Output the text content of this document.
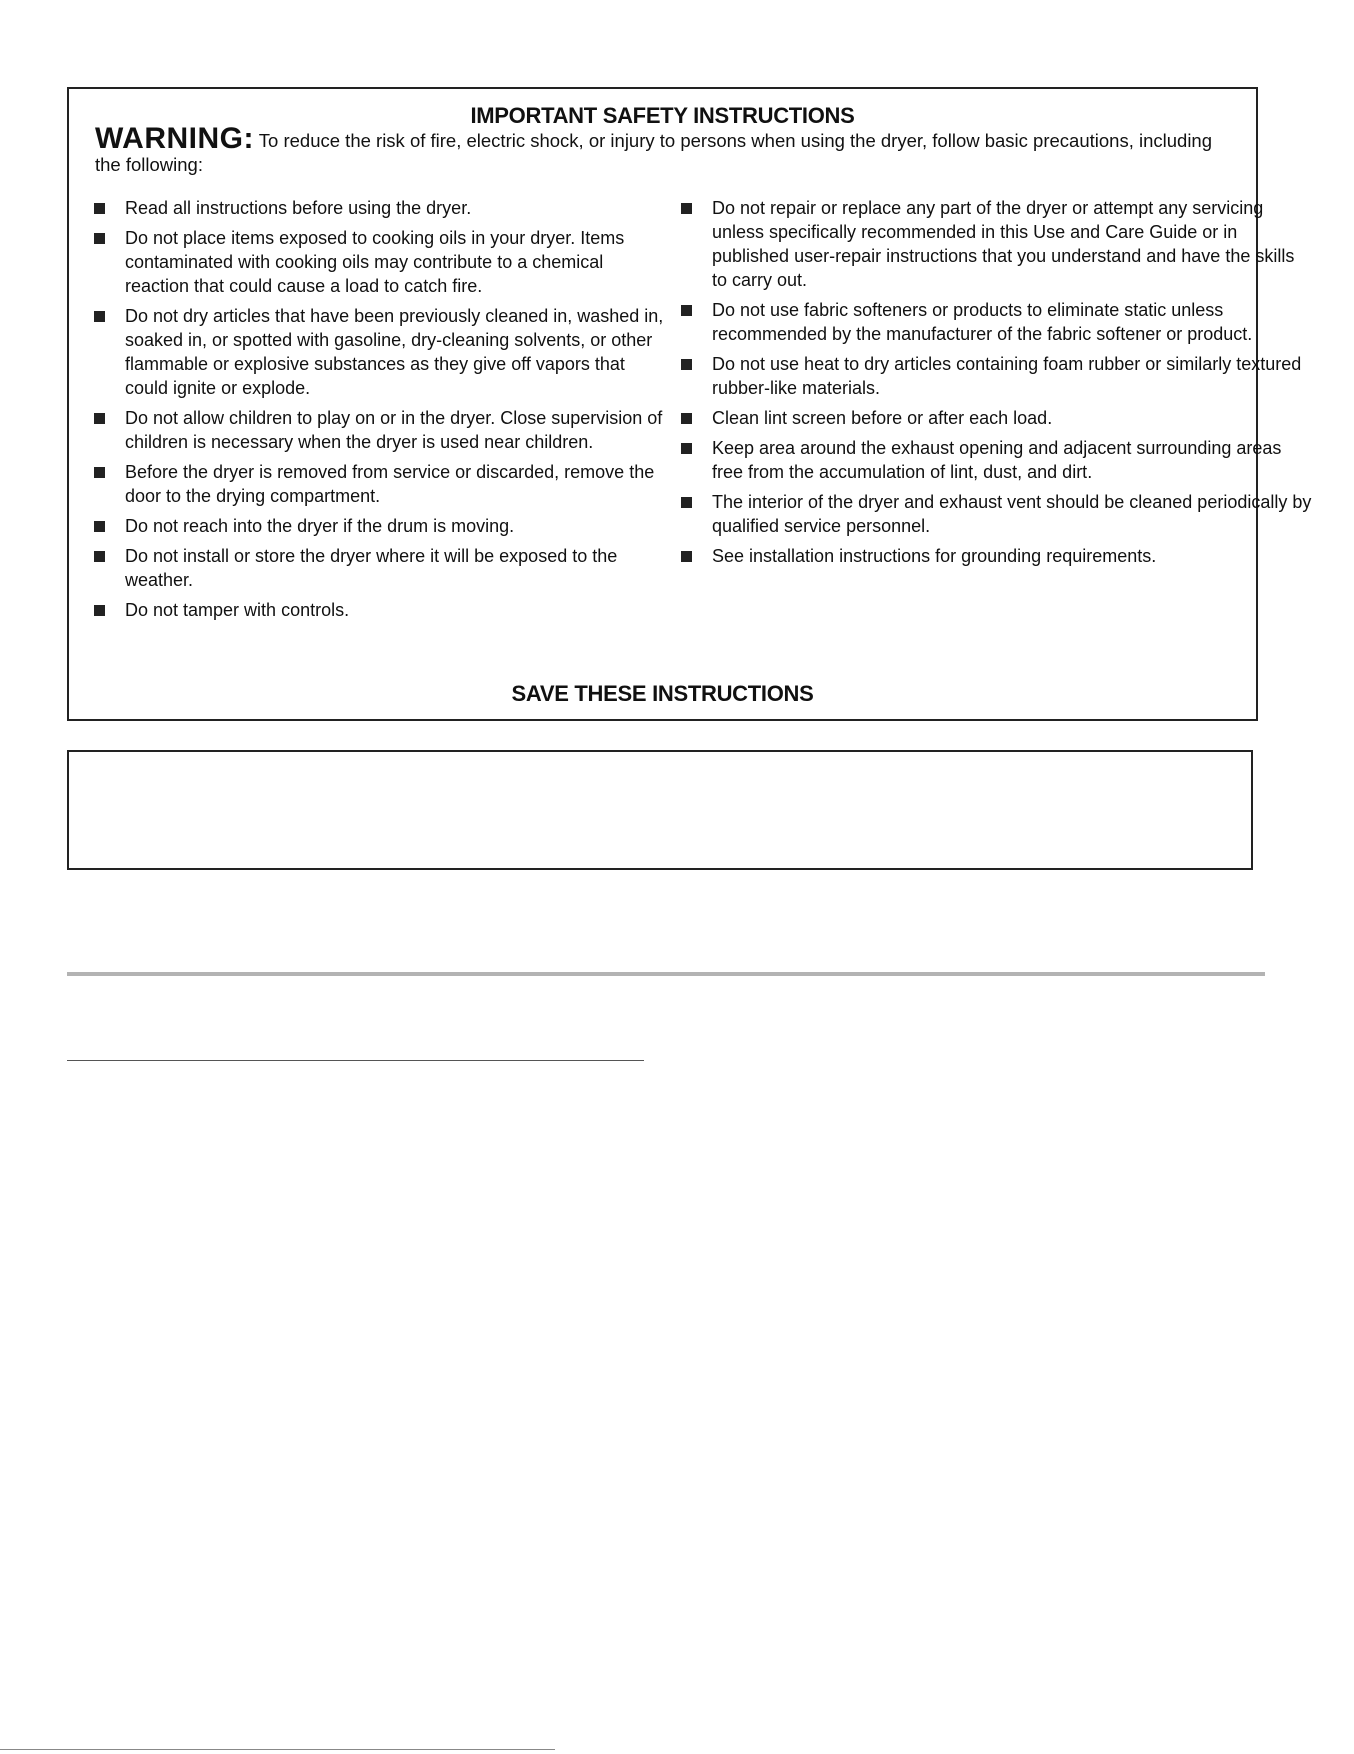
IMPORTANT SAFETY INSTRUCTIONS
WARNING: To reduce the risk of fire, electric shock, or injury to persons when using the dryer, follow basic precautions, including the following:
Read all instructions before using the dryer.
Do not place items exposed to cooking oils in your dryer. Items contaminated with cooking oils may contribute to a chemical reaction that could cause a load to catch fire.
Do not dry articles that have been previously cleaned in, washed in, soaked in, or spotted with gasoline, dry-cleaning solvents, or other flammable or explosive substances as they give off vapors that could ignite or explode.
Do not allow children to play on or in the dryer. Close supervision of children is necessary when the dryer is used near children.
Before the dryer is removed from service or discarded, remove the door to the drying compartment.
Do not reach into the dryer if the drum is moving.
Do not install or store the dryer where it will be exposed to the weather.
Do not tamper with controls.
Do not repair or replace any part of the dryer or attempt any servicing unless specifically recommended in this Use and Care Guide or in published user-repair instructions that you understand and have the skills to carry out.
Do not use fabric softeners or products to eliminate static unless recommended by the manufacturer of the fabric softener or product.
Do not use heat to dry articles containing foam rubber or similarly textured rubber-like materials.
Clean lint screen before or after each load.
Keep area around the exhaust opening and adjacent surrounding areas free from the accumulation of lint, dust, and dirt.
The interior of the dryer and exhaust vent should be cleaned periodically by qualified service personnel.
See installation instructions for grounding requirements.
SAVE THESE INSTRUCTIONS
